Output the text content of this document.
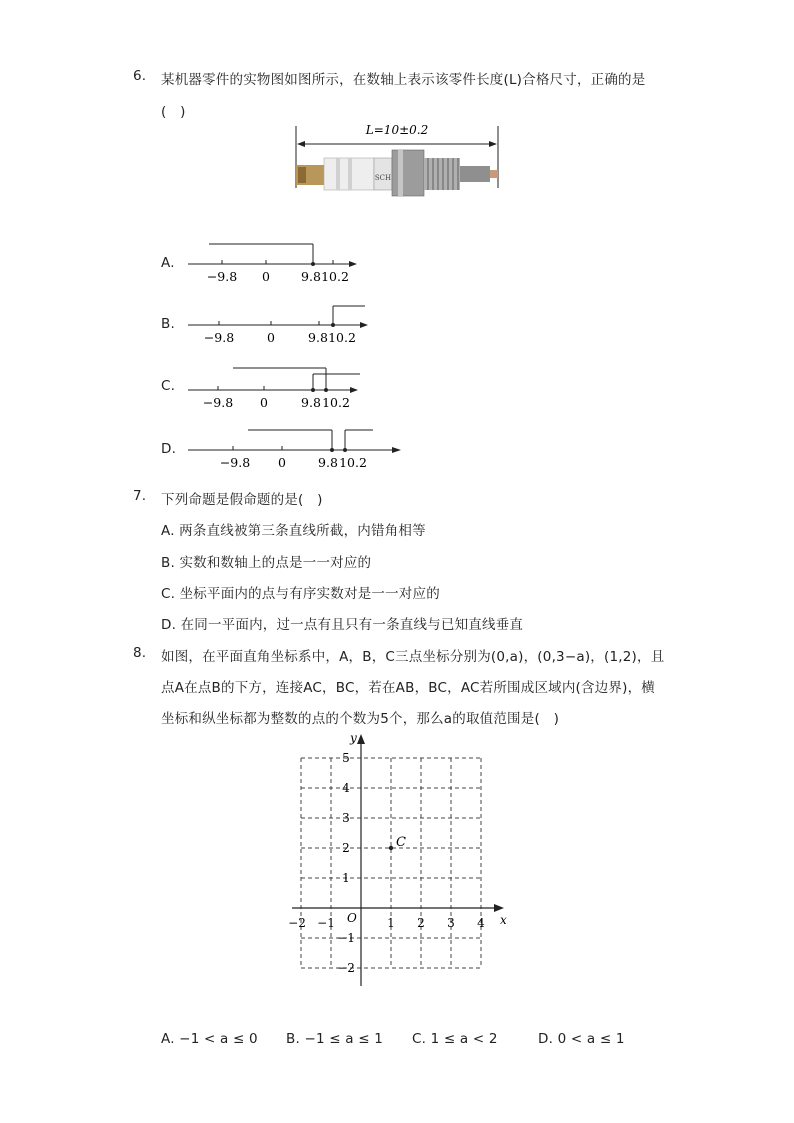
6. 某机器零件的实物图如图所示，在数轴上表示该零件长度(L)合格尺寸，正确的是
(　)
L=10±0.2
SCH
A.
−9.8 0 9.8 10.2
B.
−9.8	0	9.8 10.2
C.
−9.8 0	9.8 10.2
D.
−9.8 0	9.8 10.2
7. 下列命题是假命题的是(　)
A. 两条直线被第三条直线所截，内错角相等
B. 实数和数轴上的点是一一对应的
C. 坐标平面内的点与有序实数对是一一对应的
D. 在同一平面内，过一点有且只有一条直线与已知直线垂直
8. 如图，在平面直角坐标系中，A，B，C三点坐标分别为(0,a)，(0,3−a)，(1,2)，且
点A在点B的下方，连接AC，BC，若在AB，BC，AC若所围成区域内(含边界)，横
坐标和纵坐标都为整数的点的个数为5个，那么a的取值范围是(　)
x
y
O
−2 −1	1 2 3 4
5
4
3
2
1
−1
−2
C
A. −1 < a ≤ 0 B. −1 ≤ a ≤ 1 C. 1 ≤ a < 2	D. 0 < a ≤ 1
